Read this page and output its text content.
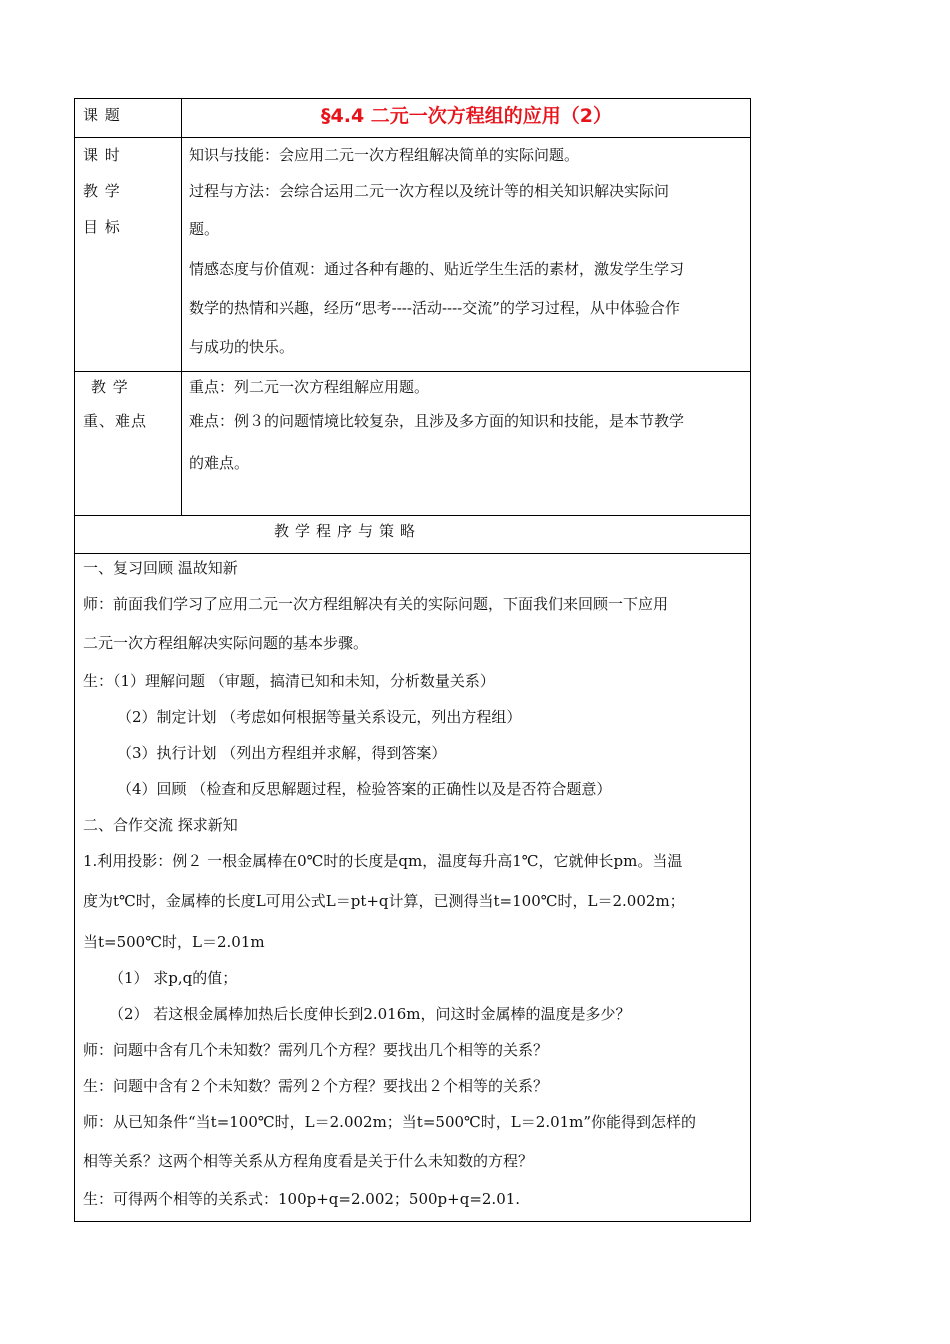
课 题	§4.4 二元一次方程组的应用（2）
课 时
教 学
目 标
知识与技能：会应用二元一次方程组解决简单的实际问题。
过程与方法：会综合运用二元一次方程以及统计等的相关知识解决实际问
题。
情感态度与价值观：通过各种有趣的、贴近学生生活的素材，激发学生学习
数学的热情和兴趣，经历“思考----活动----交流”的学习过程，从中体验合作
与成功的快乐。
教 学
重、难点
重点：列二元一次方程组解应用题。
难点：例３的问题情境比较复杂，且涉及多方面的知识和技能，是本节教学
的难点。
教学程序与策略
一、复习回顾 温故知新
师：前面我们学习了应用二元一次方程组解决有关的实际问题，下面我们来回顾一下应用
二元一次方程组解决实际问题的基本步骤。
生：（1）理解问题 （审题，搞清已知和未知，分析数量关系）
（2）制定计划 （考虑如何根据等量关系设元，列出方程组）
（3）执行计划 （列出方程组并求解，得到答案）
（4）回顾 （检查和反思解题过程，检验答案的正确性以及是否符合题意）
二、合作交流 探求新知
1.利用投影：例２ 一根金属棒在0℃时的长度是qm，温度每升高1℃，它就伸长pm。当温
度为t℃时，金属棒的长度L可用公式L＝pt+q计算，已测得当t=100℃时，L＝2.002m；
当t=500℃时，L＝2.01m
（1） 求p,q的值；
（2） 若这根金属棒加热后长度伸长到2.016m，问这时金属棒的温度是多少？
师：问题中含有几个未知数？需列几个方程？要找出几个相等的关系？
生：问题中含有２个未知数？需列２个方程？要找出２个相等的关系？
师：从已知条件“当t=100℃时，L＝2.002m；当t=500℃时，L＝2.01m”你能得到怎样的
相等关系？这两个相等关系从方程角度看是关于什么未知数的方程？
生：可得两个相等的关系式：100p+q=2.002；500p+q=2.01.
